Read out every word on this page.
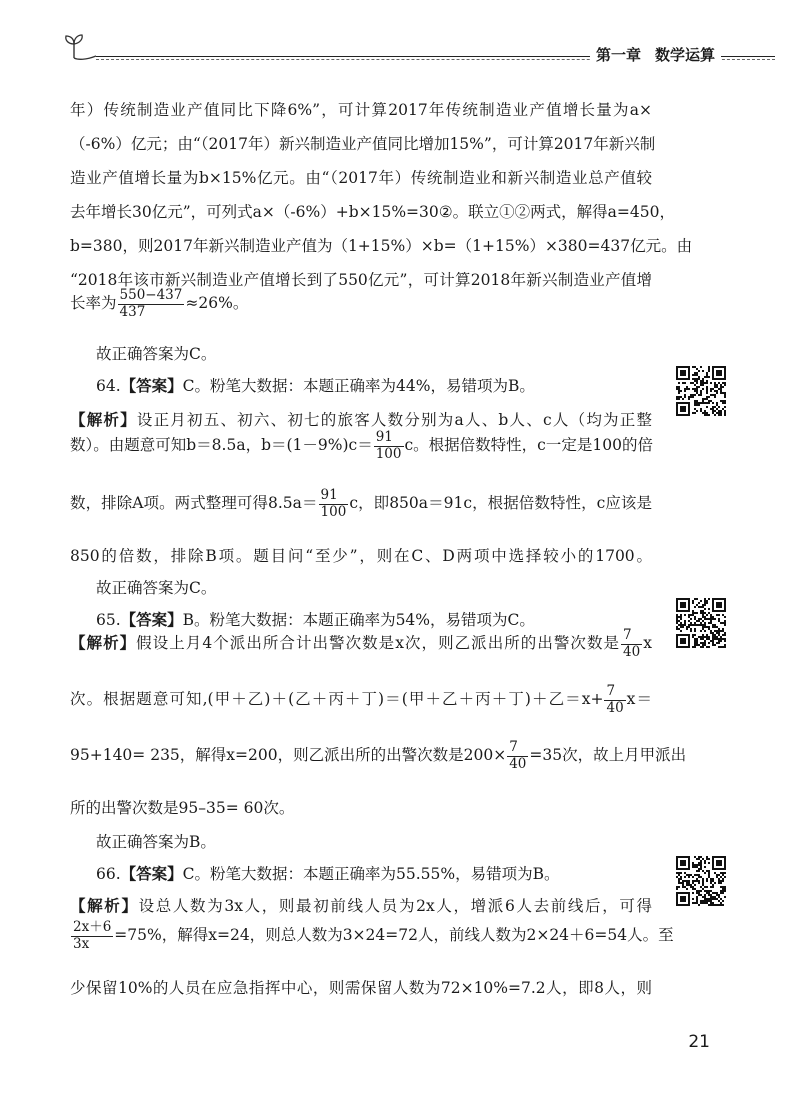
第一章 数学运算
年）传统制造业产值同比下降6%”，可计算2017年传统制造业产值增长量为a×
（-6%）亿元；由“（2017年）新兴制造业产值同比增加15%”，可计算2017年新兴制
造业产值增长量为b×15%亿元。由“（2017年）传统制造业和新兴制造业总产值较
去年增长30亿元”，可列式a×（-6%）+b×15%=30②。联立①②两式，解得a=450，
b=380，则2017年新兴制造业产值为（1+15%）×b=（1+15%）×380=437亿元。由
“2018年该市新兴制造业产值增长到了550亿元”，可计算2018年新兴制造业产值增
长率为 $\frac{550-437}{437} \approx 26\%$。
故正确答案为C。
64.【答案】C。粉笔大数据：本题正确率为44%，易错项为B。
【解析】设正月初五、初六、初七的旅客人数分别为a人、b人、c人（均为正整
数）。由题意可知b＝8.5a，$b=(1-9\%)c= \frac{91}{100}$ c。根据倍数特性，c一定是100的倍
数，排除A项。两式整理可得$8.5a= \frac{91}{100}$ c，即850a＝91c，根据倍数特性，c应该是
850的倍数，排除B项。题目问“至少”，则在C、D两项中选择较小的1700。
故正确答案为C。
65.【答案】B。粉笔大数据：本题正确率为54%，易错项为C。
【解析】假设上月4个派出所合计出警次数是x次，则乙派出所的出警次数是 $\frac{7}{40}$ x
次。根据题意可知,(甲＋乙)＋(乙＋丙＋丁)＝(甲＋乙＋丙＋丁)＋乙$=x+ \frac{7}{40} x=$
95+140= 235，解得x=200，则乙派出所的出警次数是$200\times \frac{7}{40} =35$次，故上月甲派出
所的出警次数是95–35= 60次。
故正确答案为B。
66.【答案】C。粉笔大数据：本题正确率为55.55%，易错项为B。
【解析】设总人数为3x人，则最初前线人员为2x人，增派6人去前线后，可得
$\frac{2x+6}{3x} =75\%$，解得x=24，则总人数为3×24=72人，前线人数为2×24＋6=54人。至
少保留10%的人员在应急指挥中心，则需保留人数为72×10%=7.2人，即8人，则
21
